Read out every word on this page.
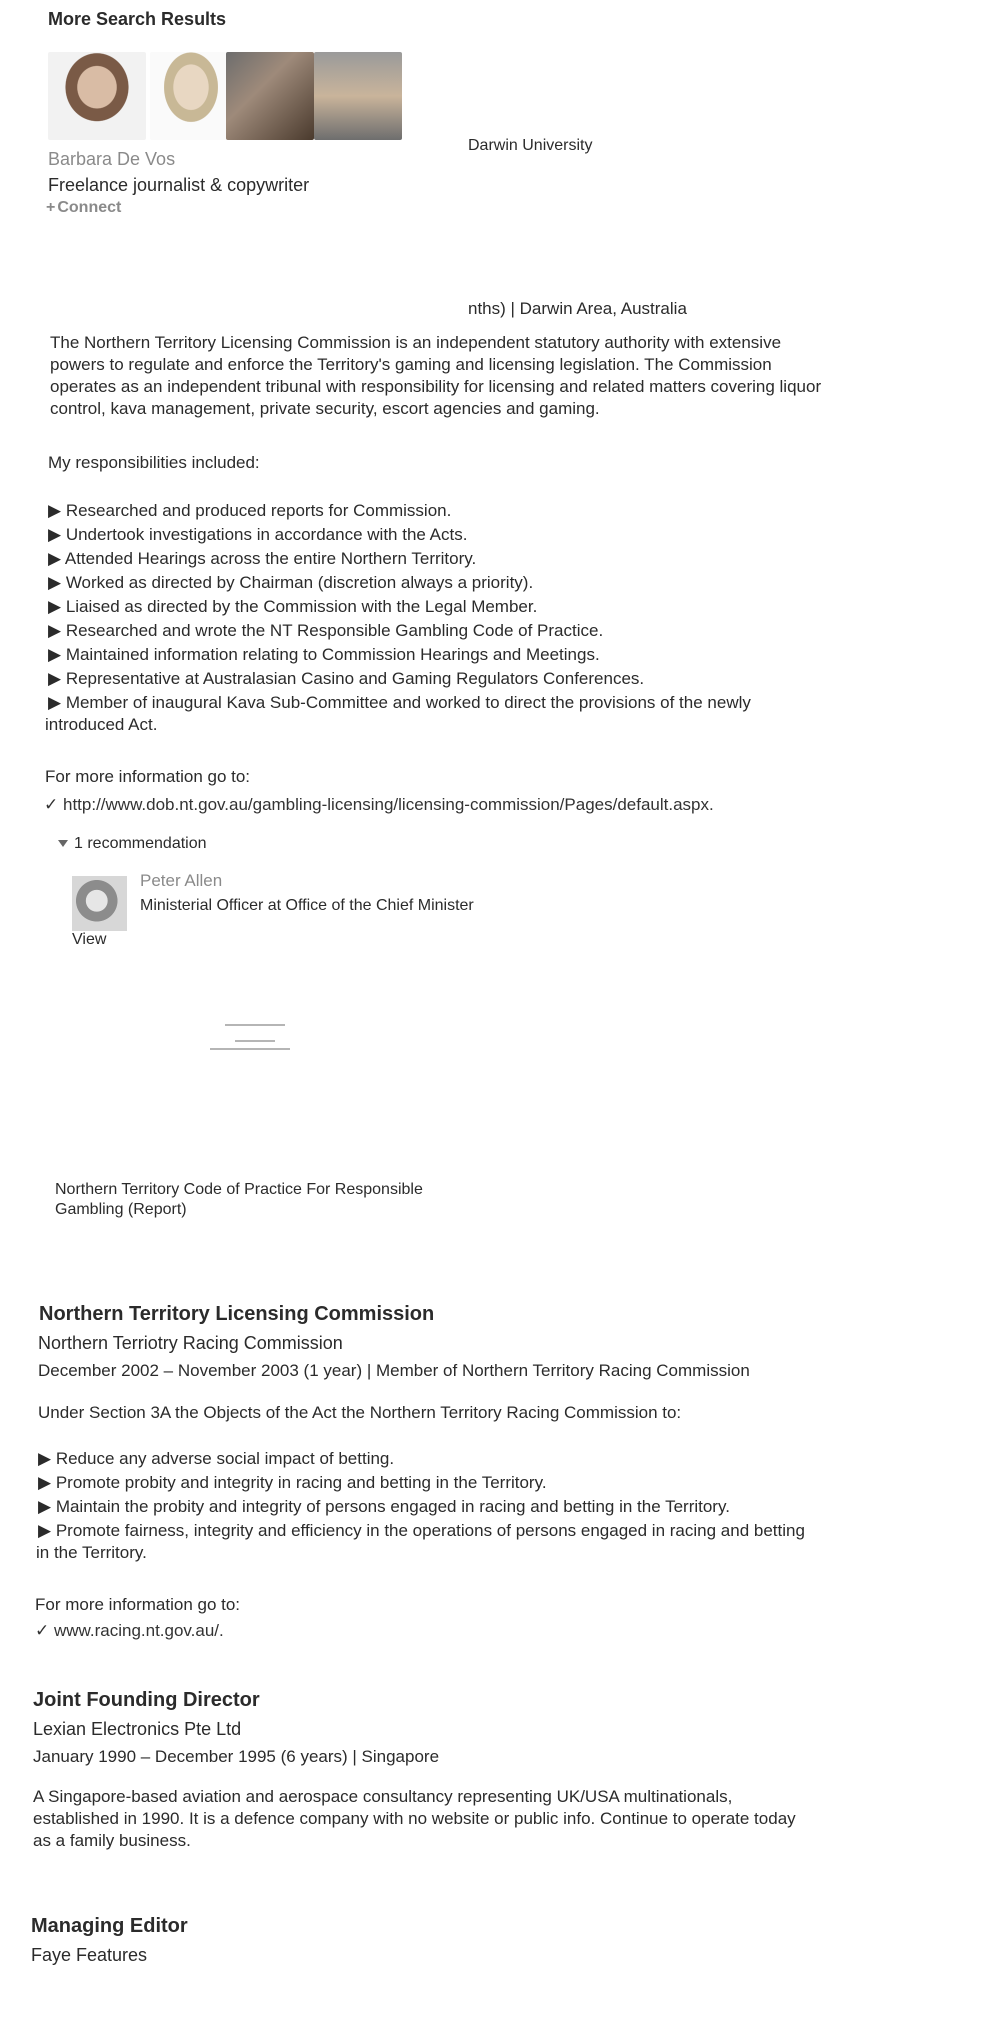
More Search Results
Barbara De Vos
Freelance journalist & copywriter
+ Connect
Darwin University
nths) | Darwin Area, Australia
The Northern Territory Licensing Commission is an independent statutory authority with extensive
powers to regulate and enforce the Territory's gaming and licensing legislation. The Commission
operates as an independent tribunal with responsibility for licensing and related matters covering liquor
control, kava management, private security, escort agencies and gaming.
My responsibilities included:
▶ Researched and produced reports for Commission.
▶ Undertook investigations in accordance with the Acts.
▶ Attended Hearings across the entire Northern Territory.
▶ Worked as directed by Chairman (discretion always a priority).
▶ Liaised as directed by the Commission with the Legal Member.
▶ Researched and wrote the NT Responsible Gambling Code of Practice.
▶ Maintained information relating to Commission Hearings and Meetings.
▶ Representative at Australasian Casino and Gaming Regulators Conferences.
▶ Member of inaugural Kava Sub-Committee and worked to direct the provisions of the newly
introduced Act.
For more information go to:
✓ http://www.dob.nt.gov.au/gambling-licensing/licensing-commission/Pages/default.aspx.
1 recommendation
Peter Allen
Ministerial Officer at Office of the Chief Minister
View
Northern Territory Code of Practice For Responsible
Gambling (Report)
Northern Territory Licensing Commission
Northern Terriotry Racing Commission
December 2002 – November 2003 (1 year) | Member of Northern Territory Racing Commission
Under Section 3A the Objects of the Act the Northern Territory Racing Commission to:
▶ Reduce any adverse social impact of betting.
▶ Promote probity and integrity in racing and betting in the Territory.
▶ Maintain the probity and integrity of persons engaged in racing and betting in the Territory.
▶ Promote fairness, integrity and efficiency in the operations of persons engaged in racing and betting
in the Territory.
For more information go to:
✓ www.racing.nt.gov.au/.
Joint Founding Director
Lexian Electronics Pte Ltd
January 1990 – December 1995 (6 years) | Singapore
A Singapore-based aviation and aerospace consultancy representing UK/USA multinationals,
established in 1990. It is a defence company with no website or public info. Continue to operate today
as a family business.
Managing Editor
Faye Features
